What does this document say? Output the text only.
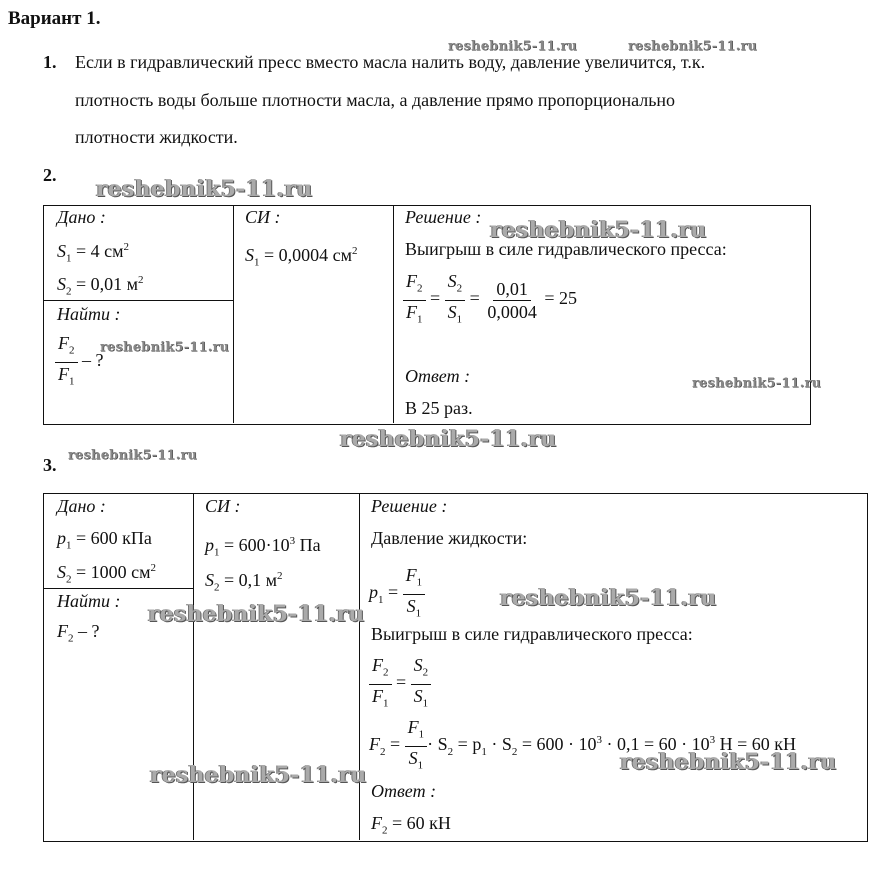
Вариант 1.
1. Если в гидравлический пресс вместо масла налить воду, давление увеличится, т.к.
плотность воды больше плотности масла, а давление прямо пропорционально
плотности жидкости.
2.
Дано :
$S_1 = 4$ $см^2$
$S_2 = 0,01$ $м^2$
Найти :
$\frac{F_2}{F_1}$ – ?
СИ :
$S_1 = 0,0004$ $см^2$
Решение :
Выигрыш в силе гидравлического пресса:
$\frac{F_2}{F_1} = \frac{S_2}{S_1} = \frac{0,01}{0,0004} = 25$
Ответ :
В 25 раз.
3.
Дано :
$p_1 = 600$ кПа
$S_2 = 1000$ $см^2$
Найти :
$F_2$ – ?
СИ :
$p_1 = 600\cdot 10^3$ Па
$S_2 = 0,1$ $м^2$
Решение :
Давление жидкости:
$p_1 = \frac{F_1}{S_1}$
Выигрыш в силе гидравлического пресса:
$\frac{F_2}{F_1} = \frac{S_2}{S_1}$
$F_2 = \frac{F_1}{S_1} \cdot S_2 = p_1 \cdot S_2 = 600 \cdot 10^3 \cdot 0,1 = 60 \cdot 10^3$ Н = 60 кН
Ответ :
$F_2 = 60$ кН
reshebnik5-11.ru	reshebnik5-11.ru
reshebnik5-11.ru
reshebnik5-11.ru
reshebnik5-11.ru
reshebnik5-11.ru
reshebnik5-11.ru
reshebnik5-11.ru
reshebnik5-11.ru
reshebnik5-11.ru
reshebnik5-11.ru	reshebnik5-11.ru
